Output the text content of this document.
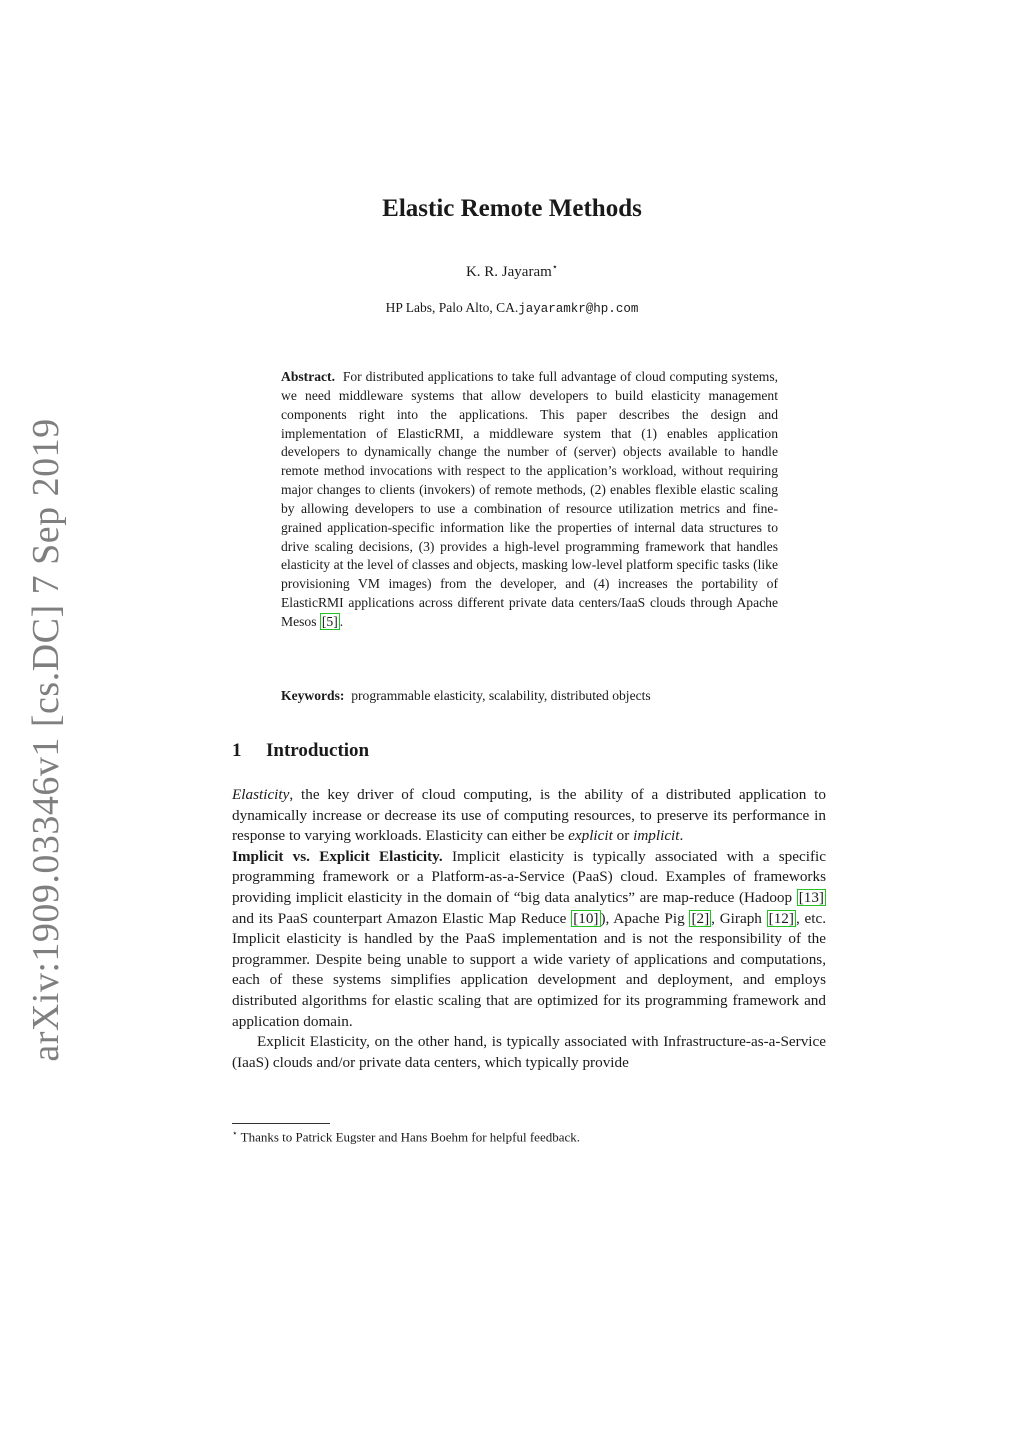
arXiv:1909.03346v1 [cs.DC] 7 Sep 2019
Elastic Remote Methods
K. R. Jayaram⋆
HP Labs, Palo Alto, CA.jayaramkr@hp.com
Abstract. For distributed applications to take full advantage of cloud computing systems, we need middleware systems that allow developers to build elasticity management components right into the applications. This paper describes the design and implementation of ElasticRMI, a middleware system that (1) enables application developers to dynamically change the number of (server) objects available to handle remote method invocations with respect to the application’s workload, without requiring major changes to clients (invokers) of remote methods, (2) enables flexible elastic scaling by allowing developers to use a combination of resource utilization metrics and fine-grained application-specific information like the properties of internal data structures to drive scaling decisions, (3) provides a high-level programming framework that handles elasticity at the level of classes and objects, masking low-level platform specific tasks (like provisioning VM images) from the developer, and (4) increases the portability of ElasticRMI applications across different private data centers/IaaS clouds through Apache Mesos [5] .
Keywords: programmable elasticity, scalability, distributed objects
1 Introduction

Elasticity, the key driver of cloud computing, is the ability of a distributed application to dynamically increase or decrease its use of computing resources, to preserve its performance in response to varying workloads. Elasticity can either be explicit or implicit.

Implicit vs. Explicit Elasticity. Implicit elasticity is typically associated with a specific programming framework or a Platform-as-a-Service (PaaS) cloud. Examples of frameworks providing implicit elasticity in the domain of “big data analytics” are map-reduce (Hadoop [13] and its PaaS counterpart Amazon Elastic Map Reduce [10] ), Apache Pig [2] , Giraph [12] , etc. Implicit elasticity is handled by the PaaS implementation and is not the responsibility of the programmer. Despite being unable to support a wide variety of applications and computations, each of these systems simplifies application development and deployment, and employs distributed algorithms for elastic scaling that are optimized for its programming framework and application domain.

Explicit Elasticity, on the other hand, is typically associated with Infrastructure-as-a-Service (IaaS) clouds and/or private data centers, which typically provide

⋆ Thanks to Patrick Eugster and Hans Boehm for helpful feedback.
